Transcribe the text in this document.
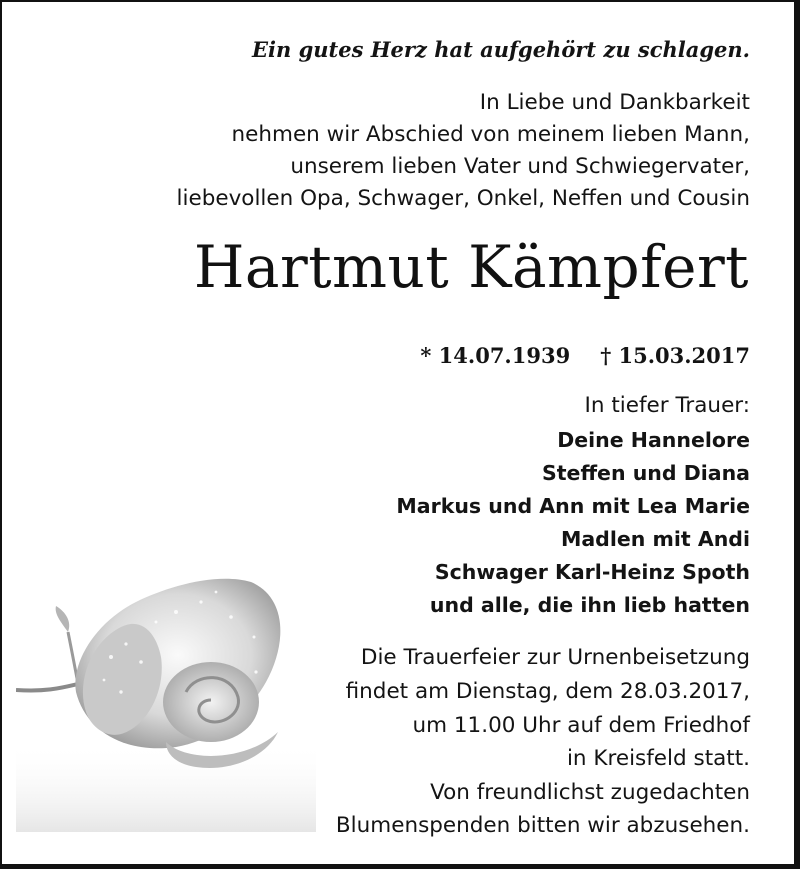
Ein gutes Herz hat aufgehört zu schlagen.
In Liebe und Dankbarkeit
nehmen wir Abschied von meinem lieben Mann,
unserem lieben Vater und Schwiegervater,
liebevollen Opa, Schwager, Onkel, Neffen und Cousin
Hartmut Kämpfert
* 14.07.1939 † 15.03.2017
In tiefer Trauer:
Deine Hannelore
Steffen und Diana
Markus und Ann mit Lea Marie
Madlen mit Andi
Schwager Karl-Heinz Spoth
und alle, die ihn lieb hatten
Die Trauerfeier zur Urnenbeisetzung
findet am Dienstag, dem 28.03.2017,
um 11.00 Uhr auf dem Friedhof
in Kreisfeld statt.
Von freundlichst zugedachten
Blumenspenden bitten wir abzusehen.
